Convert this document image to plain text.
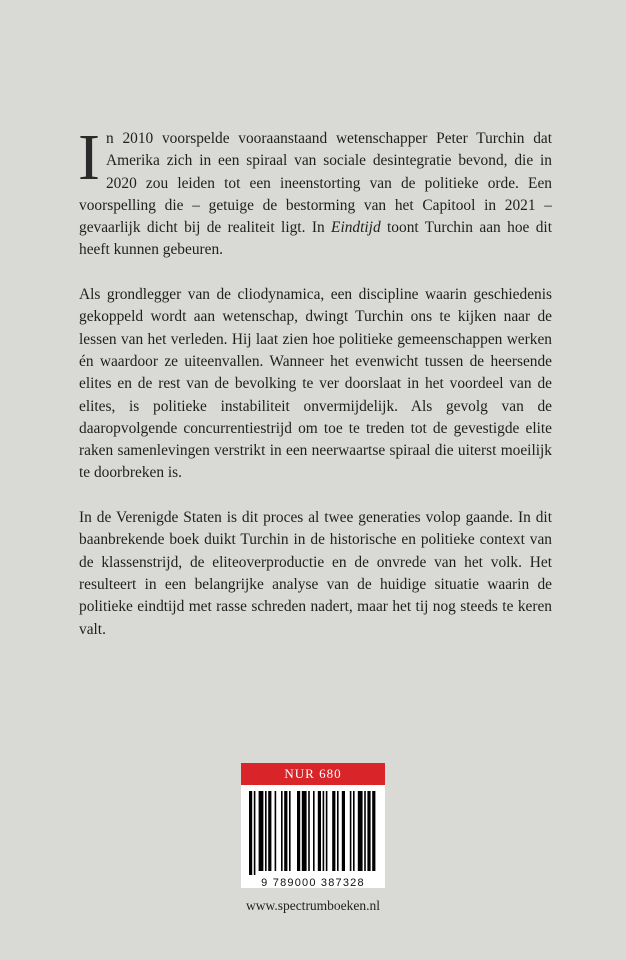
In 2010 voorspelde vooraanstaand wetenschapper Peter Turchin dat Amerika zich in een spiraal van sociale desintegratie bevond, die in 2020 zou leiden tot een ineenstorting van de politieke orde. Een voorspelling die – getuige de bestorming van het Capitool in 2021 – gevaarlijk dicht bij de realiteit ligt. In Eindtijd toont Turchin aan hoe dit heeft kunnen gebeuren.

Als grondlegger van de cliodynamica, een discipline waarin geschiedenis gekoppeld wordt aan wetenschap, dwingt Turchin ons te kijken naar de lessen van het verleden. Hij laat zien hoe politieke gemeenschappen werken én waardoor ze uiteenvallen. Wanneer het evenwicht tussen de heersende elites en de rest van de bevolking te ver doorslaat in het voordeel van de elites, is politieke instabiliteit onvermijdelijk. Als gevolg van de daaropvolgende concurrentiestrijd om toe te treden tot de gevestigde elite raken samenlevingen verstrikt in een neerwaartse spiraal die uiterst moeilijk te doorbreken is.

In de Verenigde Staten is dit proces al twee generaties volop gaande. In dit baanbrekende boek duikt Turchin in de historische en politieke context van de klassenstrijd, de eliteoverproductie en de onvrede van het volk. Het resulteert in een belangrijke analyse van de huidige situatie waarin de politieke eindtijd met rasse schreden nadert, maar het tij nog steeds te keren valt.

NUR 680
9 789000 387328
www.spectrumboeken.nl
